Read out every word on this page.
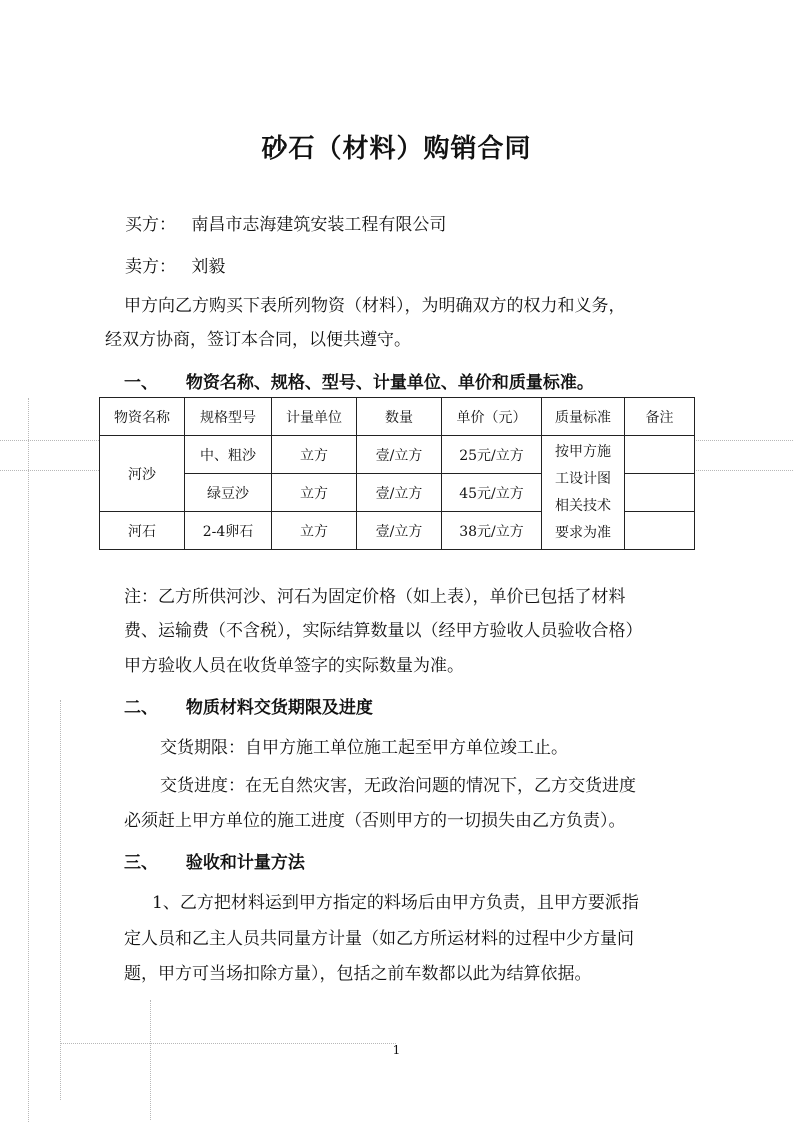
砂石（材料）购销合同
买方： 南昌市志海建筑安装工程有限公司
卖方： 刘毅
甲方向乙方购买下表所列物资（材料），为明确双方的权力和义务，
经双方协商，签订本合同，以便共遵守。
一、 物资名称、规格、型号、计量单位、单价和质量标准。
物资名称	规格型号	计量单位	数量	单价（元）	质量标准	备注
河沙	中、粗沙	立方	壹/立方	25元/立方	按甲方施
工设计图
相关技术
要求为准	

	绿豆沙	立方	壹/立方	45元/立方		
河石	2-4卵石	立方	壹/立方	38元/立方		
注：乙方所供河沙、河石为固定价格（如上表），单价已包括了材料
费、运输费（不含税），实际结算数量以（经甲方验收人员验收合格）
甲方验收人员在收货单签字的实际数量为准。
二、 物质材料交货期限及进度
交货期限：自甲方施工单位施工起至甲方单位竣工止。
交货进度：在无自然灾害，无政治问题的情况下，乙方交货进度
必须赶上甲方单位的施工进度（否则甲方的一切损失由乙方负责）。
三、 验收和计量方法
1、乙方把材料运到甲方指定的料场后由甲方负责，且甲方要派指
定人员和乙主人员共同量方计量（如乙方所运材料的过程中少方量问
题，甲方可当场扣除方量），包括之前车数都以此为结算依据。
1
